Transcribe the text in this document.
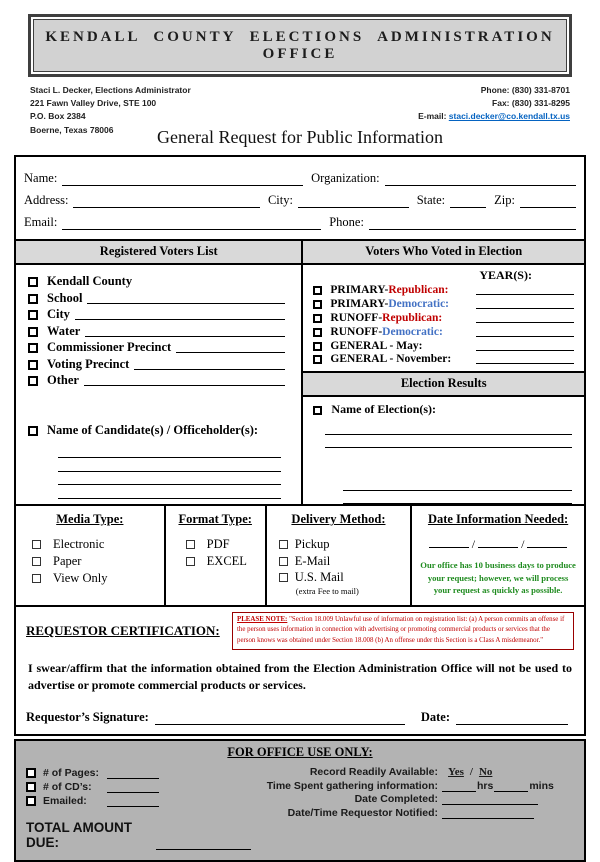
KENDALL COUNTY ELECTIONS ADMINISTRATION OFFICE
Staci L. Decker, Elections Administrator
221 Fawn Valley Drive, STE 100
P.O. Box 2384
Boerne, Texas 78006
Phone: (830) 331-8701
Fax: (830) 331-8295
E-mail: staci.decker@co.kendall.tx.us
General Request for Public Information
Name:	Organization:
Address:	City:	State:	Zip:
Email:	Phone:
Registered Voters List
Kendall County
School
City
Water
Commissioner Precinct
Voting Precinct
Other
Name of Candidate(s) / Officeholder(s):
Voters Who Voted in Election
YEAR(S):
PRIMARY-Republican:
PRIMARY-Democratic:
RUNOFF-Republican:
RUNOFF-Democratic:
GENERAL - May:
GENERAL - November:
Election Results
Name of Election(s):
Media Type:
Electronic
Paper
View Only
Format Type:
PDF
EXCEL
Delivery Method:
Pickup
E-Mail
U.S. Mail
(extra Fee to mail)
Date Information Needed:
/	/
Our office has 10 business days to produce your request; however, we will process your request as quickly as possible.
REQUESTOR CERTIFICATION:
PLEASE NOTE: "Section 18.009 Unlawful use of information on registration list: (a) A person commits an offense if the person uses information in connection with advertising or promoting commercial products or services that the person knows was obtained under Section 18.008 (b) An offense under this Section is a Class A misdemeanor."
I swear/affirm that the information obtained from the Election Administration Office will not be used to advertise or promote commercial products or services.
Requestor’s Signature:	Date:
FOR OFFICE USE ONLY:
# of Pages:
# of CD’s:
Emailed:
TOTAL AMOUNT DUE:
Record Readily Available: Yes / No
Time Spent gathering information:	hrs	mins
Date Completed:
Date/Time Requestor Notified:
